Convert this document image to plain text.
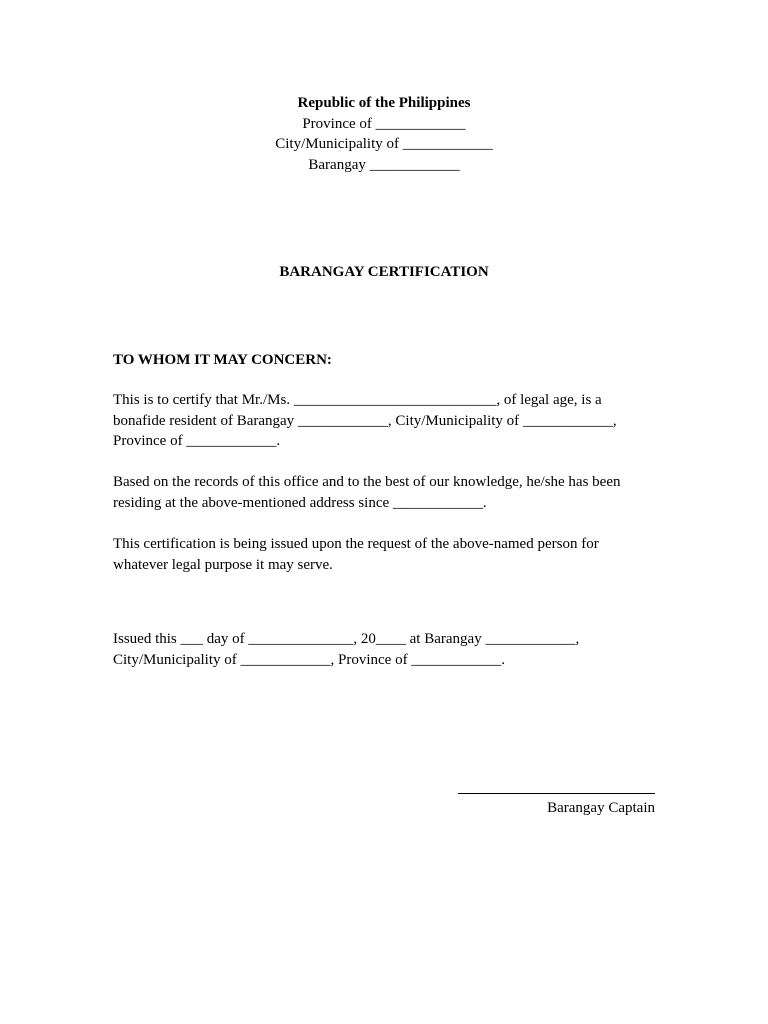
Republic of the Philippines
Province of ____________
City/Municipality of ____________
Barangay ____________
BARANGAY CERTIFICATION
TO WHOM IT MAY CONCERN:
This is to certify that Mr./Ms. ___________________________, of legal age, is a
bonafide resident of Barangay ____________, City/Municipality of ____________,
Province of ____________.
Based on the records of this office and to the best of our knowledge, he/she has been
residing at the above-mentioned address since ____________.
This certification is being issued upon the request of the above-named person for
whatever legal purpose it may serve.
Issued this ___ day of ______________, 20____ at Barangay ____________,
City/Municipality of ____________, Province of ____________.
Barangay Captain
